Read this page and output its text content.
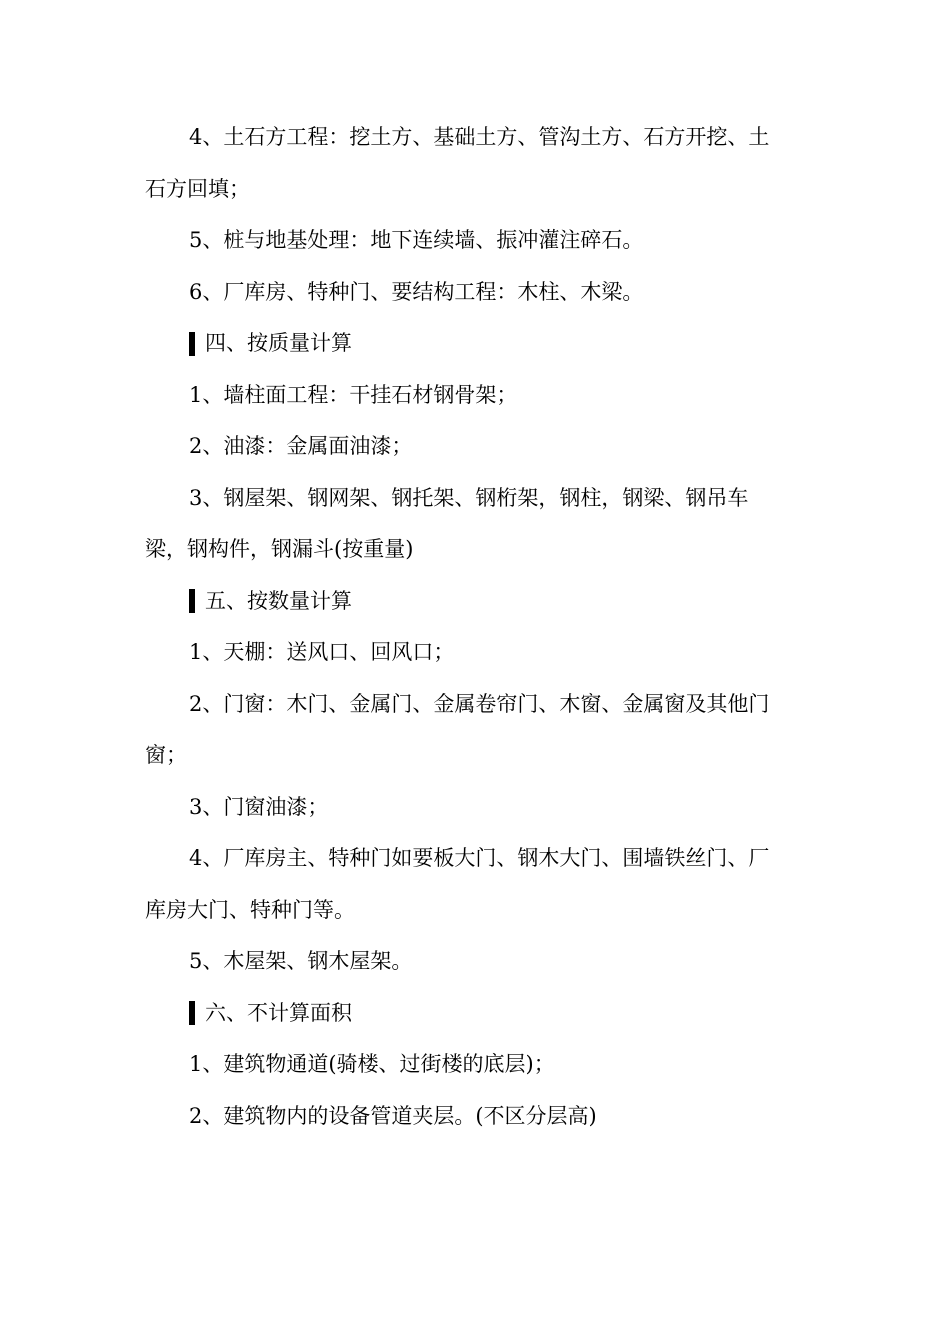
4、土石方工程：挖土方、基础土方、管沟土方、石方开挖、土
石方回填；
5、桩与地基处理：地下连续墙、振冲灌注碎石。
6、厂库房、特种门、要结构工程：木柱、木梁。
四、按质量计算
1、墙柱面工程：干挂石材钢骨架；
2、油漆：金属面油漆；
3、钢屋架、钢网架、钢托架、钢桁架，钢柱，钢梁、钢吊车
梁，钢构件，钢漏斗(按重量)
五、按数量计算
1、天棚：送风口、回风口；
2、门窗：木门、金属门、金属卷帘门、木窗、金属窗及其他门
窗；
3、门窗油漆；
4、厂库房主、特种门如要板大门、钢木大门、围墙铁丝门、厂
库房大门、特种门等。
5、木屋架、钢木屋架。
六、不计算面积
1、建筑物通道(骑楼、过街楼的底层)；
2、建筑物内的设备管道夹层。(不区分层高)
